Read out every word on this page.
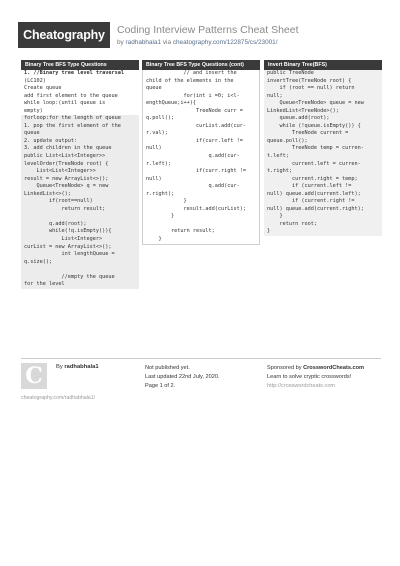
Cheatography	Coding Interview Patterns Cheat Sheet
by radhabhala1 via cheatography.com/122875/cs/23001/
Binary Tree BFS Type Questions
1. //Binary tree level traversal
(LC102)
Create queue
add first element to the queue
while loop:(until queue is
empty)
forloop:for the length of queue
1. pop the first element of the
queue
2. update output:
3. add children in the queue
public List<List<Integer>>
levelOrder(TreeNode root) {
List<List<Integer>>
result = new ArrayList<>();
Queue<TreeNode> q = new
LinkedList<>();
if(root==null)
return result;
q.add(root);
while(!q.isEmpty()){
List<Integer>
curList = new ArrayList<>();
int lengthQueue =
q.size();
//empty the queue
for the level
Binary Tree BFS Type Questions (cont)
// and insert the
child of the elements in the
queue
for(int i =0; i<l-
engthQueue;i++){
TreeNode curr =
q.poll();
curList.add(cur-
r.val);
if(curr.left !=
null)
q.add(cur-
r.left);
if(curr.right !=
null)
q.add(cur-
r.right);
}
result.add(curList);
}
return result;
}
Invert Binary Tree(BFS)
public TreeNode
invertTree(TreeNode root) {
if (root == null) return
null;
Queue<TreeNode> queue = new
LinkedList<TreeNode>();
queue.add(root);
while (!queue.isEmpty()) {
TreeNode current =
queue.poll();
TreeNode temp = curren-
t.left;
current.left = curren-
t.right;
current.right = temp;
if (current.left !=
null) queue.add(current.left);
if (current.right !=
null) queue.add(current.right);
}
return root;
}
C	By radhabhala1
cheatography.com/radhabhala1/
Not published yet.
Last updated 22nd July, 2020.
Page 1 of 2.
Sponsored by CrosswordCheats.com
Learn to solve cryptic crosswords!
http://crosswordcheats.com
